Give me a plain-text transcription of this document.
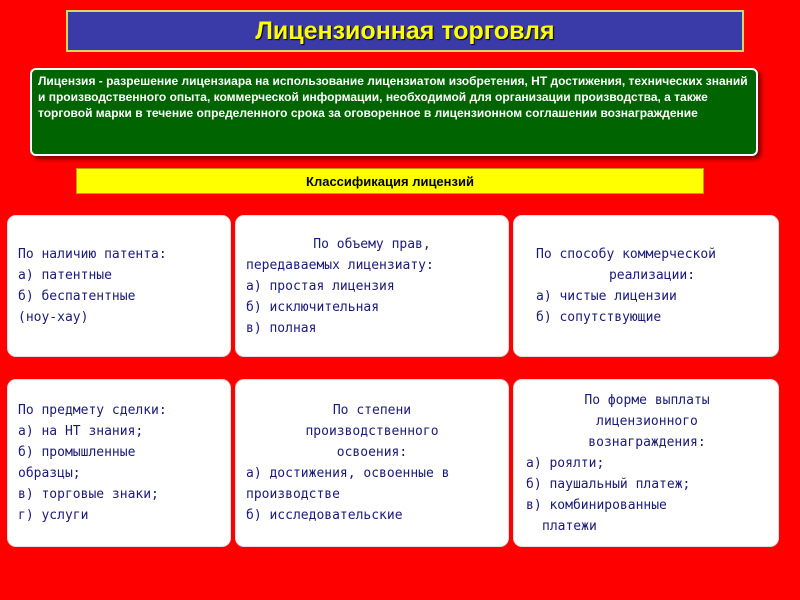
Лицензионная торговля
Лицензия - разрешение лицензиара на использование лицензиатом изобретения, НТ достижения, технических знаний и производственного опыта, коммерческой информации, необходимой для организации производства, а также торговой марки в течение определенного срока за оговоренное в лицензионном соглашении вознаграждение
Классификация лицензий
По наличию патента:
а) патентные
б) беспатентные
(ноу-хау)
По объему прав,
передаваемых лицензиату:
а) простая лицензия
б) исключительная
в) полная
По способу коммерческой
реализации:
а) чистые лицензии
б) сопутствующие
По предмету сделки:
а) на НТ знания;
б) промышленные
образцы;
в) торговые знаки;
г) услуги
По степени
производственного
освоения:
а) достижения, освоенные в
производстве
б) исследовательские
По форме выплаты
лицензионного
вознаграждения:
а) роялти;
б) паушальный платеж;
в) комбинированные
платежи
